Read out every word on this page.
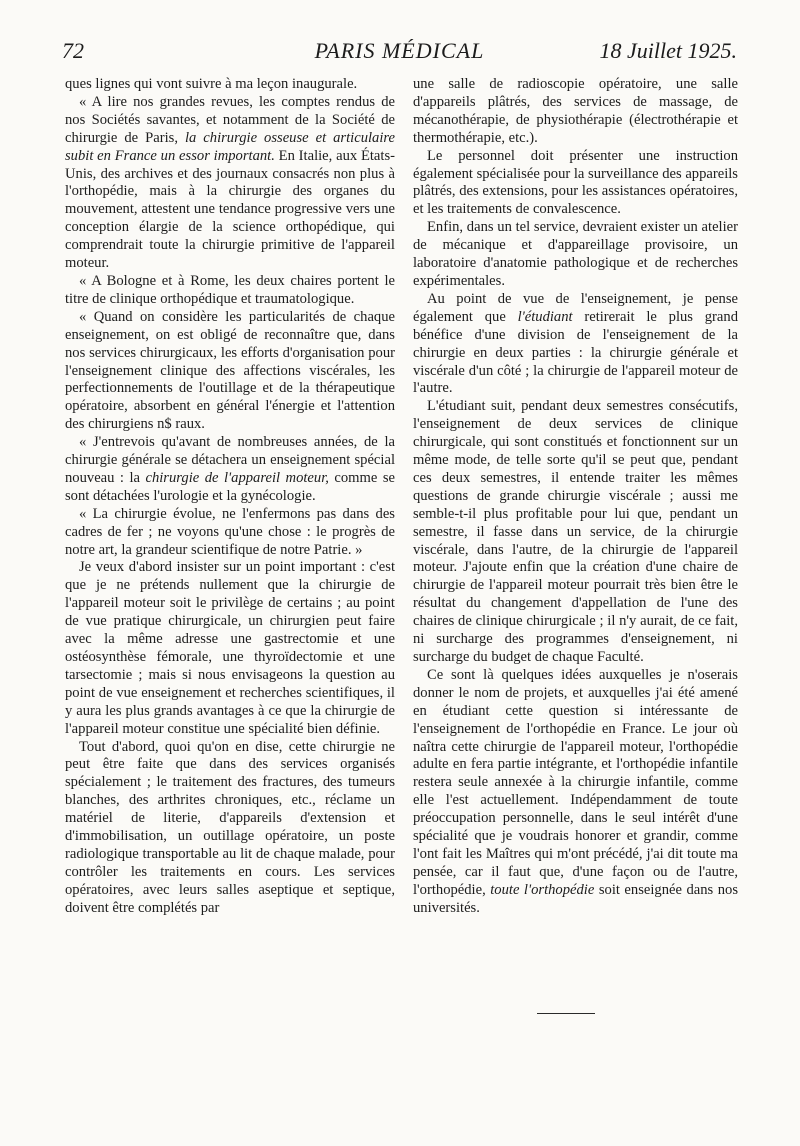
72	PARIS MÉDICAL	18 Juillet 1925.

ques lignes qui vont suivre à ma leçon inaugurale.

« A lire nos grandes revues, les comptes rendus de nos Sociétés savantes, et notamment de la Société de chirurgie de Paris, la chirurgie osseuse et articulaire subit en France un essor important. En Italie, aux États-Unis, des archives et des journaux consacrés non plus à l'orthopédie, mais à la chirurgie des organes du mouvement, attestent une tendance progressive vers une conception élargie de la science orthopédique, qui comprendrait toute la chirurgie primitive de l'appareil moteur.

« A Bologne et à Rome, les deux chaires portent le titre de clinique orthopédique et traumatologique.

« Quand on considère les particularités de chaque enseignement, on est obligé de reconnaître que, dans nos services chirurgicaux, les efforts d'organisation pour l'enseignement clinique des affections viscérales, les perfectionnements de l'outillage et de la thérapeutique opératoire, absorbent en général l'énergie et l'attention des chirurgiens n$ raux.

« J'entrevois qu'avant de nombreuses années, de la chirurgie générale se détachera un enseignement spécial nouveau : la chirurgie de l'appareil moteur, comme se sont détachées l'urologie et la gynécologie.

« La chirurgie évolue, ne l'enfermons pas dans des cadres de fer ; ne voyons qu'une chose : le progrès de notre art, la grandeur scientifique de notre Patrie. »

Je veux d'abord insister sur un point important : c'est que je ne prétends nullement que la chirurgie de l'appareil moteur soit le privilège de certains ; au point de vue pratique chirurgicale, un chirurgien peut faire avec la même adresse une gastrectomie et une ostéosynthèse fémorale, une thyroïdectomie et une tarsectomie ; mais si nous envisageons la question au point de vue enseignement et recherches scientifiques, il y aura les plus grands avantages à ce que la chirurgie de l'appareil moteur constitue une spécialité bien définie.

Tout d'abord, quoi qu'on en dise, cette chirurgie ne peut être faite que dans des services organisés spécialement ; le traitement des fractures, des tumeurs blanches, des arthrites chroniques, etc., réclame un matériel de literie, d'appareils d'extension et d'immobilisation, un outillage opératoire, un poste radiologique transportable au lit de chaque malade, pour contrôler les traitements en cours. Les services opératoires, avec leurs salles aseptique et septique, doivent être complétés par

une salle de radioscopie opératoire, une salle d'appareils plâtrés, des services de massage, de mécanothérapie, de physiothérapie (électrothérapie et thermothérapie, etc.).

Le personnel doit présenter une instruction également spécialisée pour la surveillance des appareils plâtrés, des extensions, pour les assistances opératoires, et les traitements de convalescence.

Enfin, dans un tel service, devraient exister un atelier de mécanique et d'appareillage provisoire, un laboratoire d'anatomie pathologique et de recherches expérimentales.

Au point de vue de l'enseignement, je pense également que l'étudiant retirerait le plus grand bénéfice d'une division de l'enseignement de la chirurgie en deux parties : la chirurgie générale et viscérale d'un côté ; la chirurgie de l'appareil moteur de l'autre.

L'étudiant suit, pendant deux semestres consécutifs, l'enseignement de deux services de clinique chirurgicale, qui sont constitués et fonctionnent sur un même mode, de telle sorte qu'il se peut que, pendant ces deux semestres, il entende traiter les mêmes questions de grande chirurgie viscérale ; aussi me semble-t-il plus profitable pour lui que, pendant un semestre, il fasse dans un service, de la chirurgie viscérale, dans l'autre, de la chirurgie de l'appareil moteur. J'ajoute enfin que la création d'une chaire de chirurgie de l'appareil moteur pourrait très bien être le résultat du changement d'appellation de l'une des chaires de clinique chirurgicale ; il n'y aurait, de ce fait, ni surcharge des programmes d'enseignement, ni surcharge du budget de chaque Faculté.

Ce sont là quelques idées auxquelles je n'oserais donner le nom de projets, et auxquelles j'ai été amené en étudiant cette question si intéressante de l'enseignement de l'orthopédie en France. Le jour où naîtra cette chirurgie de l'appareil moteur, l'orthopédie adulte en fera partie intégrante, et l'orthopédie infantile restera seule annexée à la chirurgie infantile, comme elle l'est actuellement. Indépendamment de toute préoccupation personnelle, dans le seul intérêt d'une spécialité que je voudrais honorer et grandir, comme l'ont fait les Maîtres qui m'ont précédé, j'ai dit toute ma pensée, car il faut que, d'une façon ou de l'autre, l'orthopédie, toute l'orthopédie soit enseignée dans nos universités.
